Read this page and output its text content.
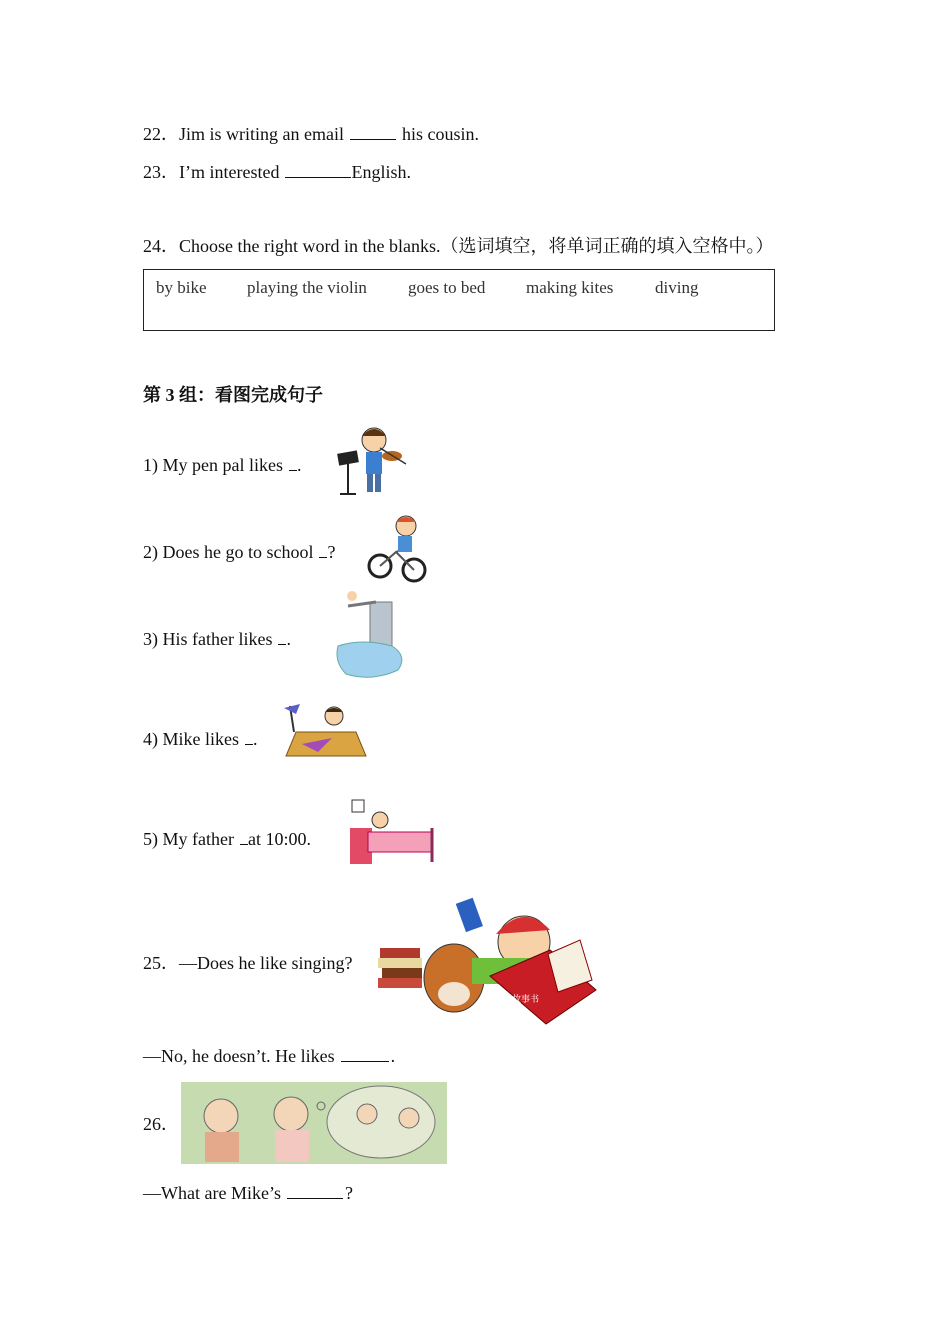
22．Jim is writing an email	his cousin.
23．I’m interested	English.
24．Choose the right word in the blanks.（选词填空，将单词正确的填入空格中。）
by bike playing the violin goes to bed making kites diving
第 3 组：看图完成句子
1) My pen pal likes .
2) Does he go to school ?
3) His father likes .
4) Mike likes .
5) My father at 10:00.
25．—Does he like singing?
故事书
—No, he doesn’t. He likes	.
26．
—What are Mike’s	?
